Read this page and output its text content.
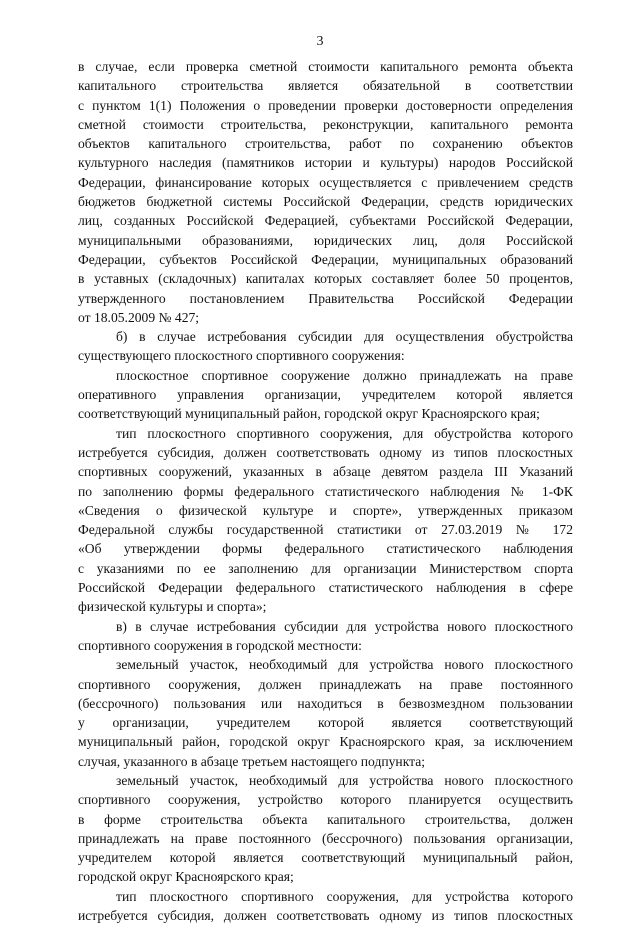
3
в случае, если проверка сметной стоимости капитального ремонта объекта
капитального строительства является обязательной в соответствии
с пунктом 1(1) Положения о проведении проверки достоверности определения
сметной стоимости строительства, реконструкции, капитального ремонта
объектов капитального строительства, работ по сохранению объектов
культурного наследия (памятников истории и культуры) народов Российской
Федерации, финансирование которых осуществляется с привлечением средств
бюджетов бюджетной системы Российской Федерации, средств юридических
лиц, созданных Российской Федерацией, субъектами Российской Федерации,
муниципальными образованиями, юридических лиц, доля Российской
Федерации, субъектов Российской Федерации, муниципальных образований
в уставных (складочных) капиталах которых составляет более 50 процентов,
утвержденного постановлением Правительства Российской Федерации
от 18.05.2009 № 427;
б) в случае истребования субсидии для осуществления обустройства
существующего плоскостного спортивного сооружения:
плоскостное спортивное сооружение должно принадлежать на праве
оперативного управления организации, учредителем которой является
соответствующий муниципальный район, городской округ Красноярского края;
тип плоскостного спортивного сооружения, для обустройства которого
истребуется субсидия, должен соответствовать одному из типов плоскостных
спортивных сооружений, указанных в абзаце девятом раздела III Указаний
по заполнению формы федерального статистического наблюдения № 1-ФК
«Сведения о физической культуре и спорте», утвержденных приказом
Федеральной службы государственной статистики от 27.03.2019 № 172
«Об утверждении формы федерального статистического наблюдения
с указаниями по ее заполнению для организации Министерством спорта
Российской Федерации федерального статистического наблюдения в сфере
физической культуры и спорта»;
в) в случае истребования субсидии для устройства нового плоскостного
спортивного сооружения в городской местности:
земельный участок, необходимый для устройства нового плоскостного
спортивного сооружения, должен принадлежать на праве постоянного
(бессрочного) пользования или находиться в безвозмездном пользовании
у организации, учредителем которой является соответствующий
муниципальный район, городской округ Красноярского края, за исключением
случая, указанного в абзаце третьем настоящего подпункта;
земельный участок, необходимый для устройства нового плоскостного
спортивного сооружения, устройство которого планируется осуществить
в форме строительства объекта капитального строительства, должен
принадлежать на праве постоянного (бессрочного) пользования организации,
учредителем которой является соответствующий муниципальный район,
городской округ Красноярского края;
тип плоскостного спортивного сооружения, для устройства которого
истребуется субсидия, должен соответствовать одному из типов плоскостных
